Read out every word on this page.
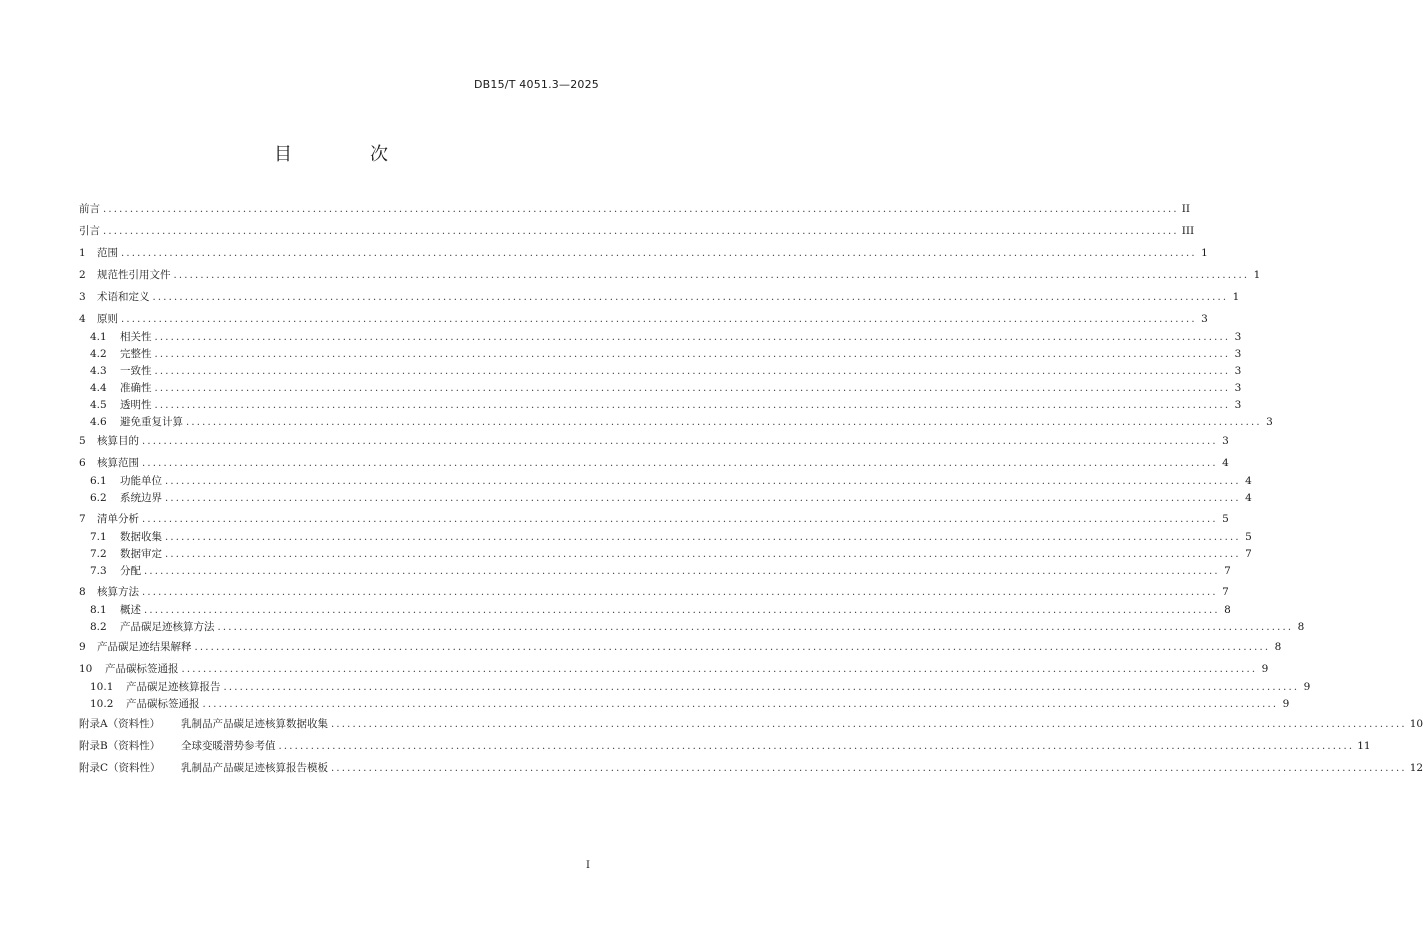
DB15/T 4051.3—2025
目　次
前言 ........................................................................................................................................................................................................ II
引言 ........................................................................................................................................................................................................ III
1	范围 ........................................................................................................................................................................................................ 1
2	规范性引用文件 ........................................................................................................................................................................................................ 1
3	术语和定义 ........................................................................................................................................................................................................ 1
4	原则 ........................................................................................................................................................................................................ 3
4.1	相关性 ........................................................................................................................................................................................................ 3
4.2	完整性 ........................................................................................................................................................................................................ 3
4.3	一致性 ........................................................................................................................................................................................................ 3
4.4	准确性 ........................................................................................................................................................................................................ 3
4.5	透明性 ........................................................................................................................................................................................................ 3
4.6	避免重复计算 ........................................................................................................................................................................................................ 3
5	核算目的 ........................................................................................................................................................................................................ 3
6	核算范围 ........................................................................................................................................................................................................ 4
6.1	功能单位 ........................................................................................................................................................................................................ 4
6.2	系统边界 ........................................................................................................................................................................................................ 4
7	清单分析 ........................................................................................................................................................................................................ 5
7.1	数据收集 ........................................................................................................................................................................................................ 5
7.2	数据审定 ........................................................................................................................................................................................................ 7
7.3	分配 ........................................................................................................................................................................................................ 7
8	核算方法 ........................................................................................................................................................................................................ 7
8.1	概述 ........................................................................................................................................................................................................ 8
8.2	产品碳足迹核算方法 ........................................................................................................................................................................................................ 8
9	产品碳足迹结果解释 ........................................................................................................................................................................................................ 8
10	产品碳标签通报 ........................................................................................................................................................................................................ 9
10.1	产品碳足迹核算报告 ........................................................................................................................................................................................................ 9
10.2	产品碳标签通报 ........................................................................................................................................................................................................ 9
附录A（资料性）	乳制品产品碳足迹核算数据收集 ........................................................................................................................................................................................................ 10
附录B（资料性）	全球变暖潜势参考值 ........................................................................................................................................................................................................ 11
附录C（资料性）	乳制品产品碳足迹核算报告模板 ........................................................................................................................................................................................................ 12
I
